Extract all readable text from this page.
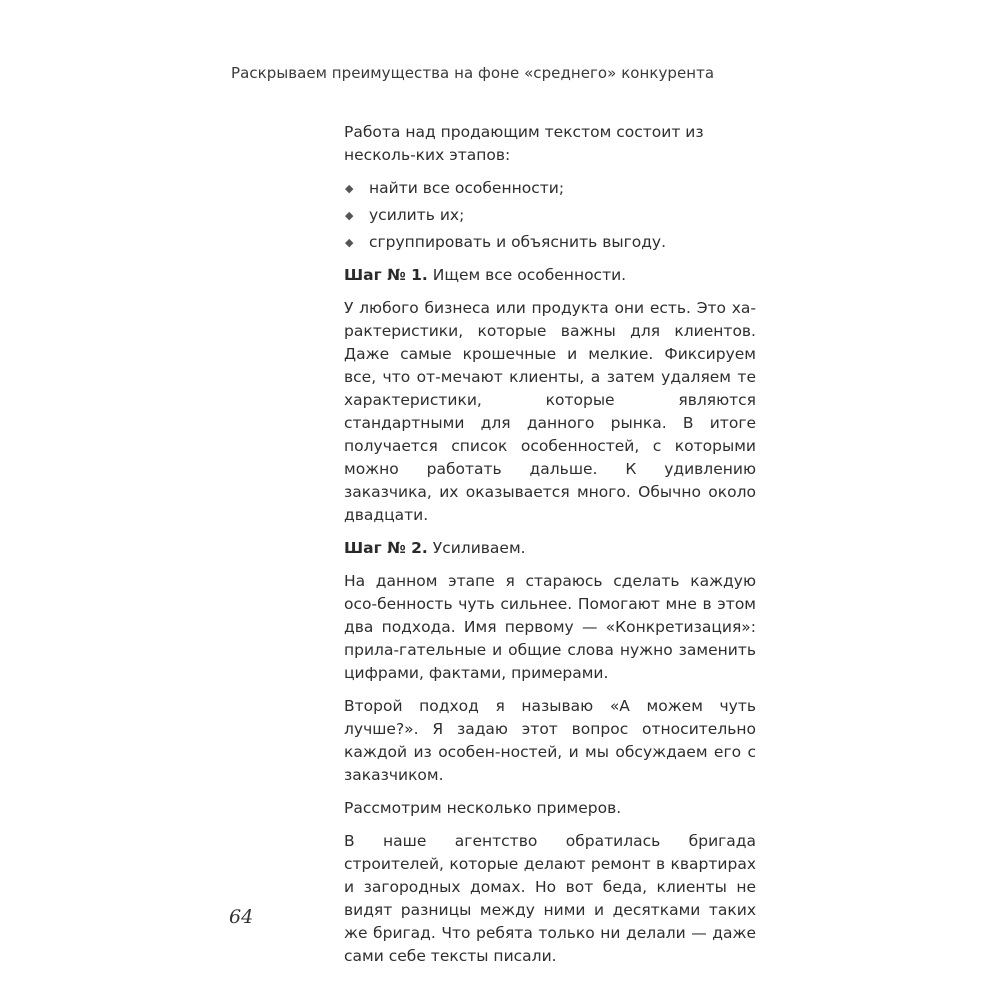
Раскрываем преимущества на фоне «среднего» конкурента

Работа над продающим текстом состоит из несколь-ких этапов:

◆ найти все особенности;
◆ усилить их;
◆ сгруппировать и объяснить выгоду.

Шаг № 1. Ищем все особенности.

У любого бизнеса или продукта они есть. Это ха-рактеристики, которые важны для клиентов. Даже самые крошечные и мелкие. Фиксируем все, что от-мечают клиенты, а затем удаляем те характеристики, которые являются стандартными для данного рынка. В итоге получается список особенностей, с которыми можно работать дальше. К удивлению заказчика, их оказывается много. Обычно около двадцати.

Шаг № 2. Усиливаем.

На данном этапе я стараюсь сделать каждую осо-бенность чуть сильнее. Помогают мне в этом два подхода. Имя первому — «Конкретизация»: прила-гательные и общие слова нужно заменить цифрами, фактами, примерами.

Второй подход я называю «А можем чуть лучше?». Я задаю этот вопрос относительно каждой из особен-ностей, и мы обсуждаем его с заказчиком.

Рассмотрим несколько примеров.

В наше агентство обратилась бригада строителей, которые делают ремонт в квартирах и загородных домах. Но вот беда, клиенты не видят разницы между ними и десятками таких же бригад. Что ребята только ни делали — даже сами себе тексты писали.

64
